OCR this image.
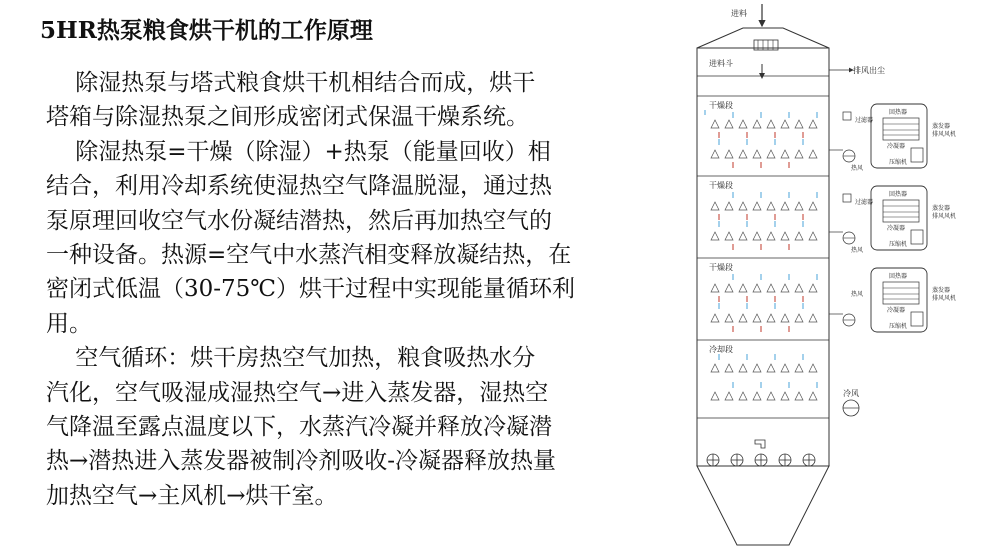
5HR热泵粮食烘干机的工作原理

除湿热泵与塔式粮食烘干机相结合而成，烘干
塔箱与除湿热泵之间形成密闭式保温干燥系统。

除湿热泵=干燥（除湿）+热泵（能量回收）相
结合，利用冷却系统使湿热空气降温脱湿，通过热
泵原理回收空气水份凝结潜热，然后再加热空气的
一种设备。热源=空气中水蒸汽相变释放凝结热，在
密闭式低温（30-75℃）烘干过程中实现能量循环利
用。

空气循环：烘干房热空气加热，粮食吸热水分
汽化，空气吸湿成湿热空气→进入蒸发器，湿热空
气降温至露点温度以下，水蒸汽冷凝并释放冷凝潜
热→潜热进入蒸发器被制冷剂吸收-冷凝器释放热量
加热空气→主风机→烘干室。

进料
进料斗
排风出尘
干燥段
干燥段
干燥段
冷却段
过滤器
回热器
蒸发器
排风风机
冷凝器
压缩机
热风
过滤器
回热器
蒸发器
排风风机
冷凝器
压缩机
热风
回热器
蒸发器
排风风机
冷凝器
压缩机
热风
冷风
